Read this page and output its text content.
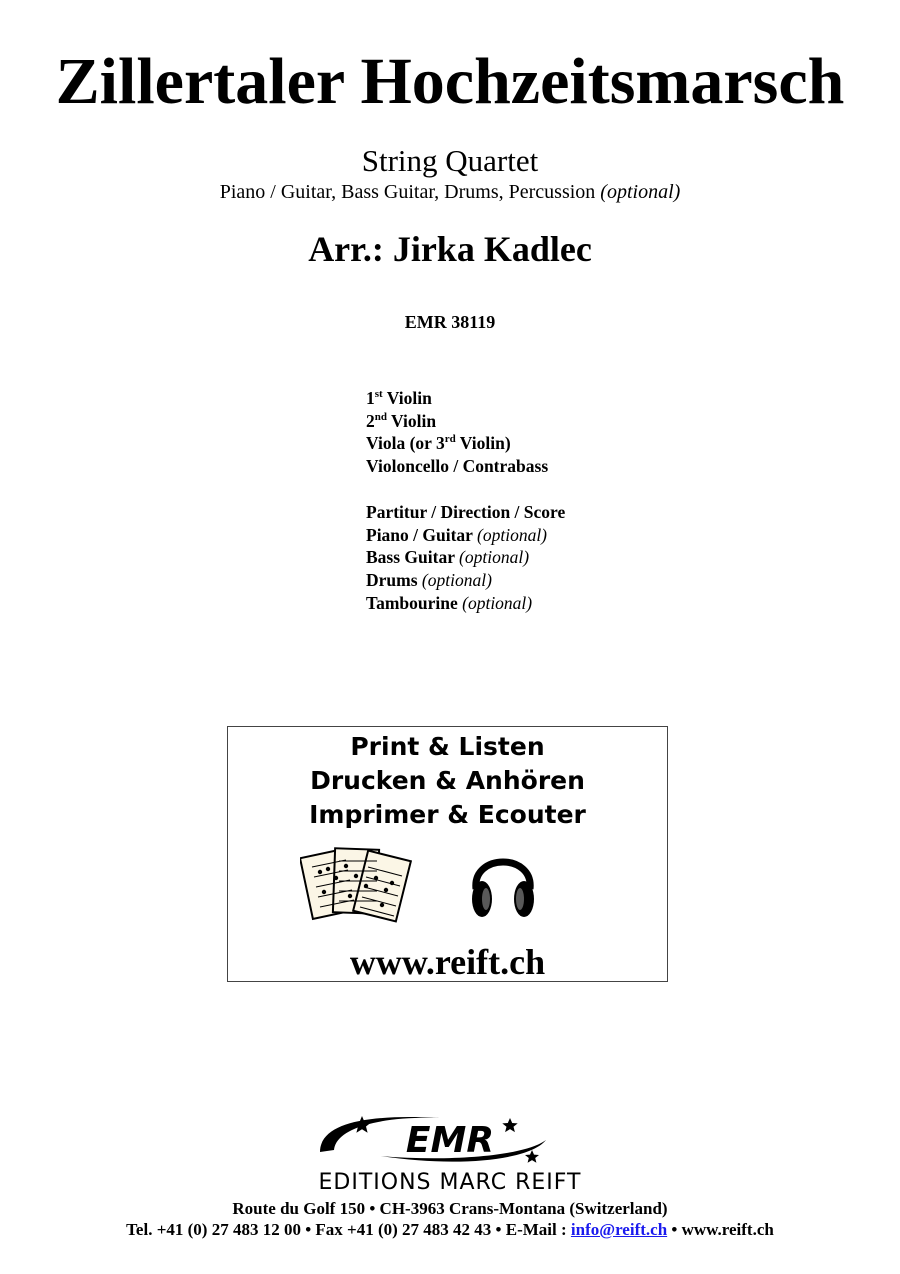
Zillertaler Hochzeitsmarsch
String Quartet
Piano / Guitar, Bass Guitar, Drums, Percussion (optional)
Arr.: Jirka Kadlec
EMR 38119
1st Violin
2nd Violin
Viola (or 3rd Violin)
Violoncello / Contrabass
Partitur / Direction / Score
Piano / Guitar (optional)
Bass Guitar (optional)
Drums (optional)
Tambourine (optional)
Print & Listen
Drucken & Anhören
Imprimer & Ecouter
www.reift.ch
EMR
EDITIONS MARC REIFT
Route du Golf 150 • CH-3963 Crans-Montana (Switzerland)
Tel. +41 (0) 27 483 12 00 • Fax +41 (0) 27 483 42 43 • E-Mail : info@reift.ch • www.reift.ch
